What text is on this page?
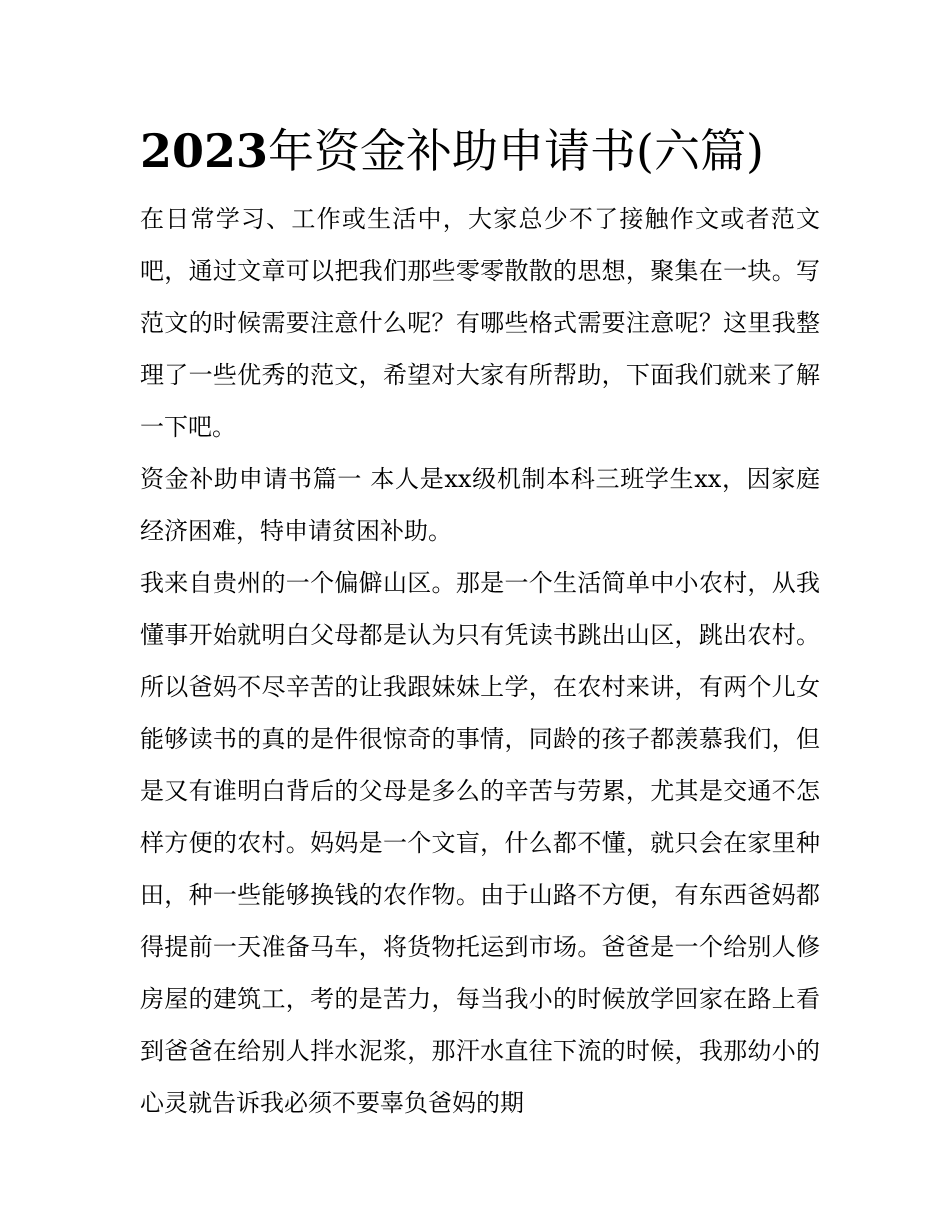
2023年资金补助申请书(六篇)

在日常学习、工作或生活中，大家总少不了接触作文或者范文吧，通过文章可以把我们那些零零散散的思想，聚集在一块。写范文的时候需要注意什么呢？有哪些格式需要注意呢？这里我整理了一些优秀的范文，希望对大家有所帮助，下面我们就来了解一下吧。

资金补助申请书篇一 本人是xx级机制本科三班学生xx，因家庭经济困难，特申请贫困补助。

我来自贵州的一个偏僻山区。那是一个生活简单中小农村，从我懂事开始就明白父母都是认为只有凭读书跳出山区，跳出农村。所以爸妈不尽辛苦的让我跟妹妹上学，在农村来讲，有两个儿女能够读书的真的是件很惊奇的事情，同龄的孩子都羡慕我们，但是又有谁明白背后的父母是多么的辛苦与劳累，尤其是交通不怎样方便的农村。妈妈是一个文盲，什么都不懂，就只会在家里种田，种一些能够换钱的农作物。由于山路不方便，有东西爸妈都得提前一天准备马车，将货物托运到市场。爸爸是一个给别人修房屋的建筑工，考的是苦力，每当我小的时候放学回家在路上看到爸爸在给别人拌水泥浆，那汗水直往下流的时候，我那幼小的心灵就告诉我必须不要辜负爸妈的期
